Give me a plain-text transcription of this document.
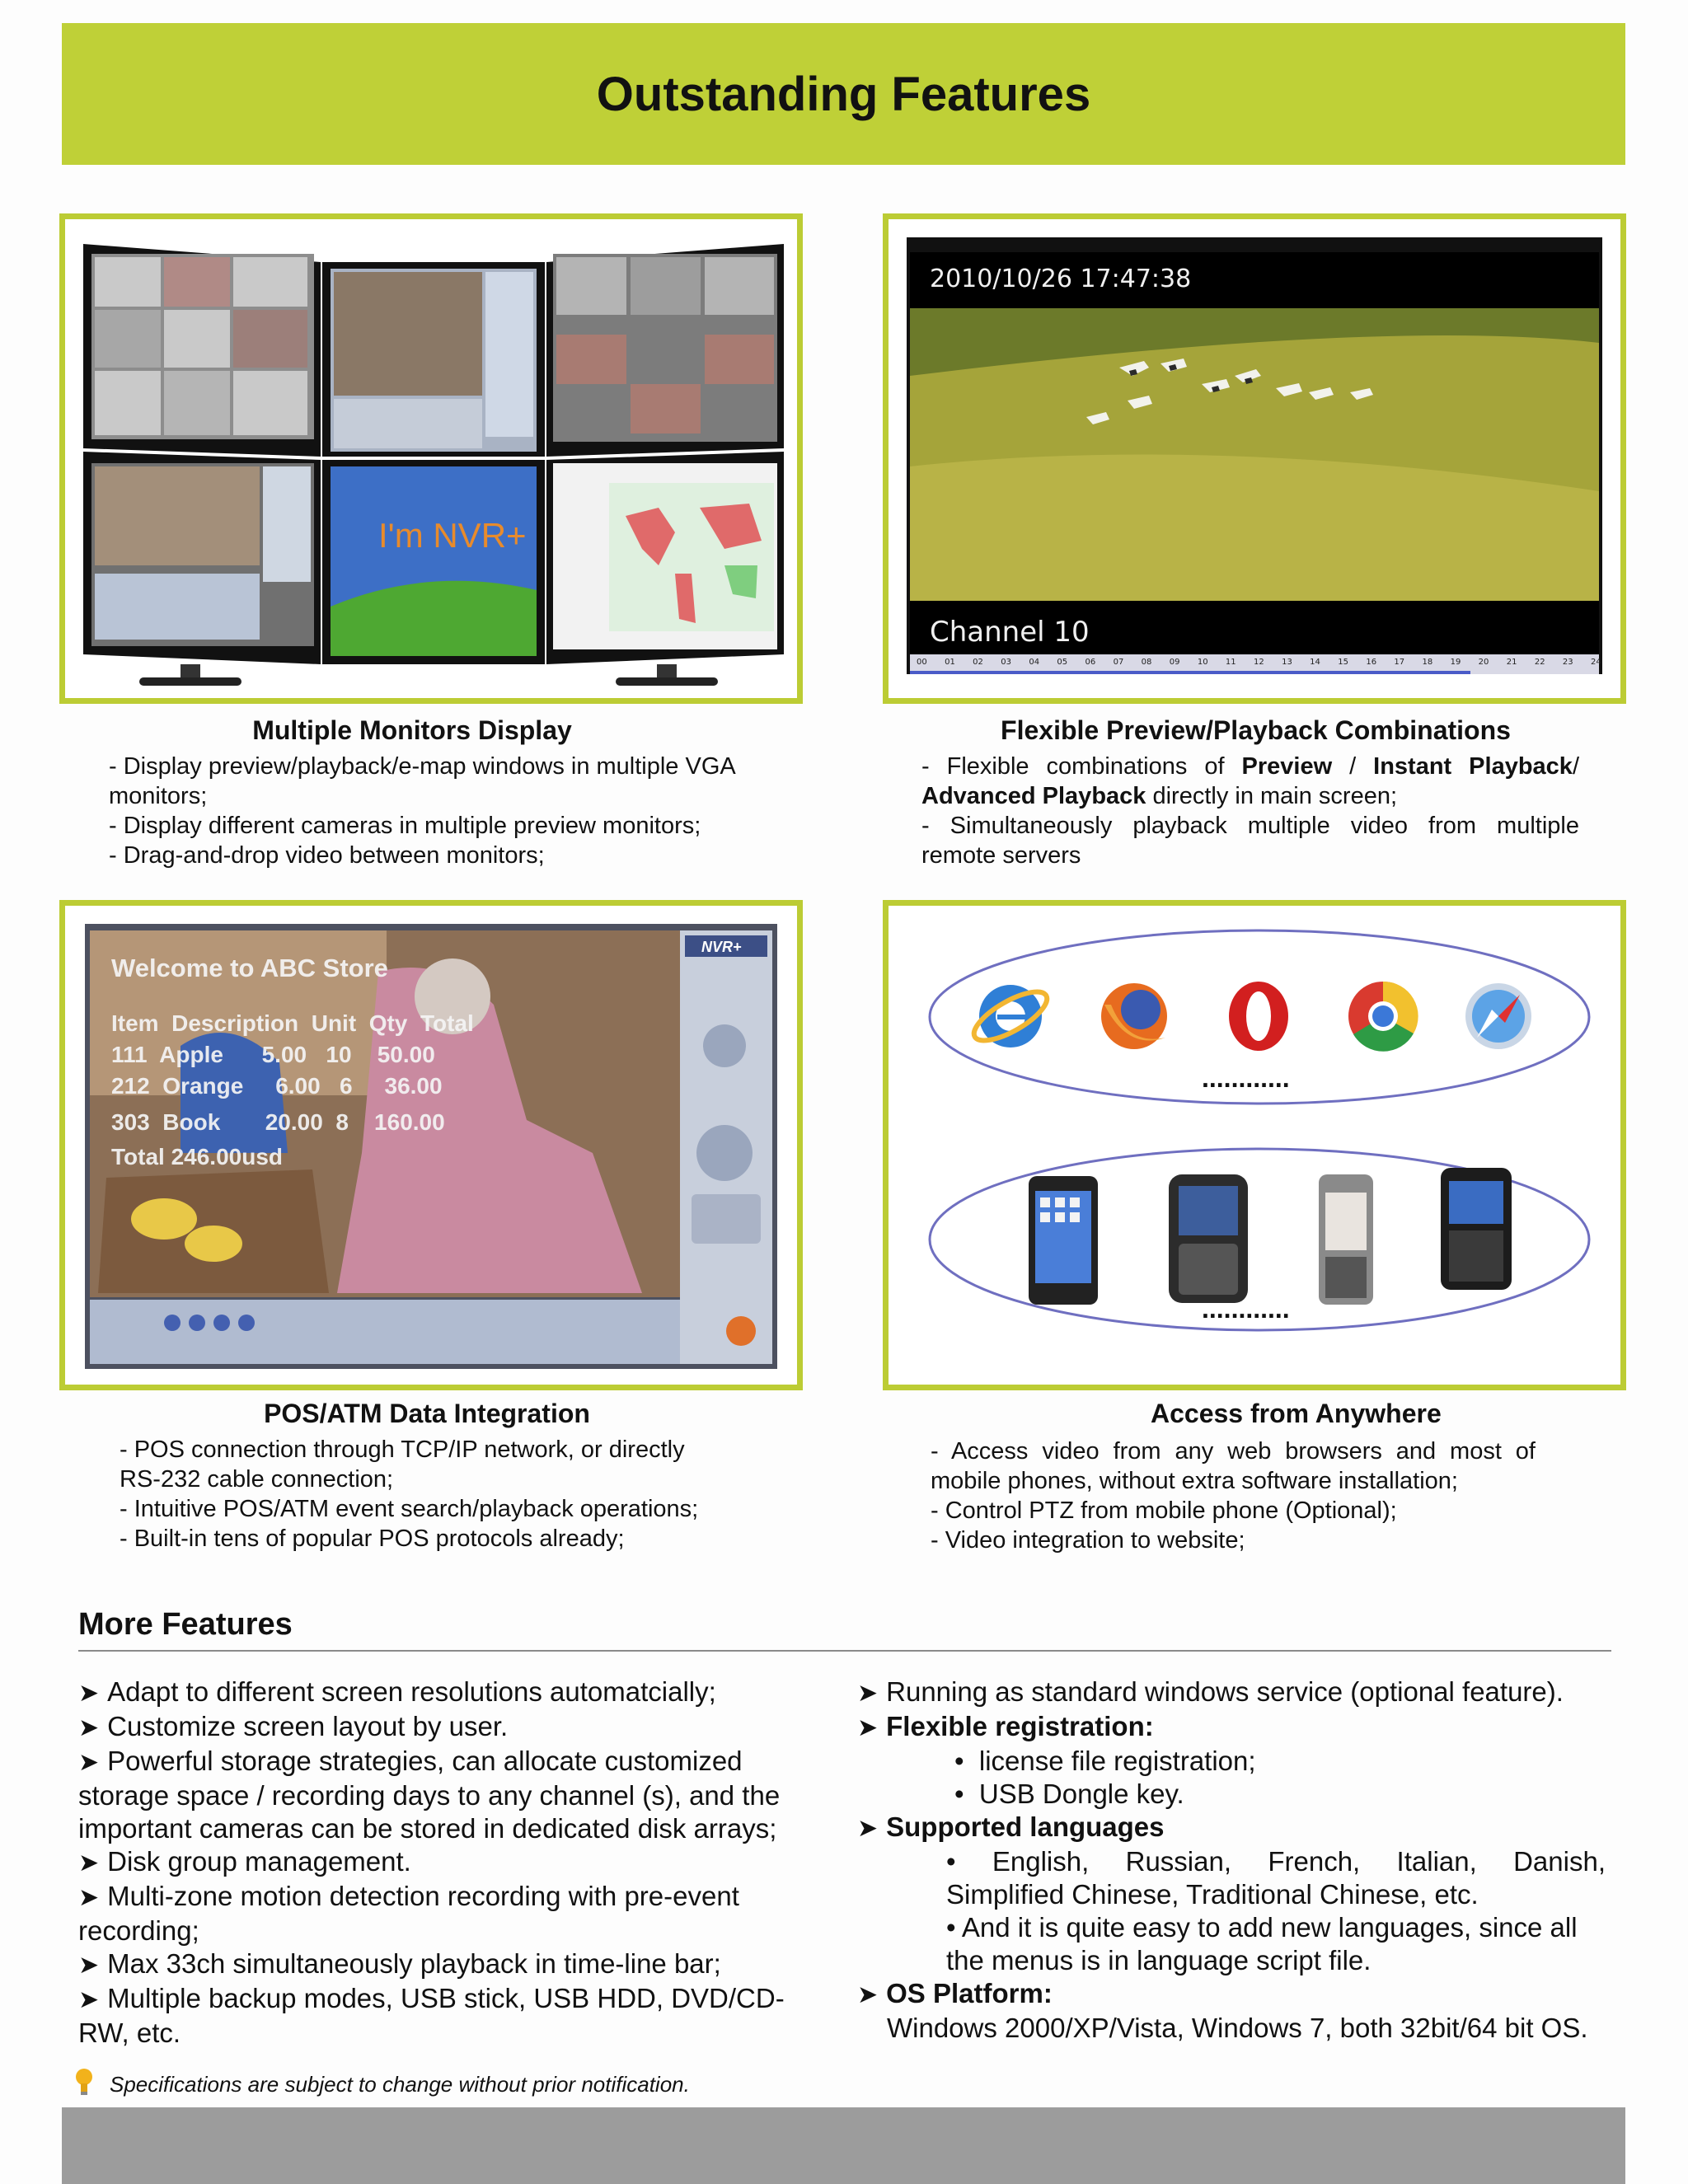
Outstanding Features
I'm NVR+
2010/10/26 17:47:38
Channel 10
00 01 02 03 04 05 06 07 08 09 10 11 12 13 14 15 16 17 18 19 20 21 22 23 24
Multiple Monitors Display

- Display preview/playback/e-map windows in multiple VGA

monitors;

- Display different cameras in multiple preview monitors;

- Drag-and-drop video between monitors;

Flexible Preview/Playback Combinations

- Flexible combinations of Preview / Instant Playback/

Advanced Playback directly in main screen;

- Simultaneously playback multiple video from multiple

remote servers

Welcome to ABC Store
Item  Description  Unit  Qty  Total
111  Apple      5.00   10    50.00
212  Orange     6.00   6     36.00
303  Book       20.00  8    160.00
Total 246.00usd
NVR+
............
............
POS/ATM Data Integration

- POS connection through TCP/IP network, or directly

RS-232 cable connection;

- Intuitive POS/ATM event search/playback operations;

- Built-in tens of popular POS protocols already;

Access from Anywhere

- Access video from any web browsers and most of

mobile phones, without extra software installation;

- Control PTZ from mobile phone (Optional);

- Video integration to website;

More Features

➤ Adapt to different screen resolutions automatcially;

➤ Customize screen layout by user.

➤ Powerful storage strategies, can allocate customized

storage space / recording days to any channel (s), and the

important cameras can be stored in dedicated disk arrays;

➤ Disk group management.

➤ Multi-zone motion detection recording with pre-event

recording;

➤ Max 33ch simultaneously playback in time-line bar;

➤ Multiple backup modes, USB stick, USB HDD, DVD/CD-

RW, etc.

➤ Running as standard windows service (optional feature).

➤ Flexible registration:

•  license file registration;

•  USB Dongle key.

➤ Supported languages

• English, Russian, French, Italian, Danish,

Simplified Chinese, Traditional Chinese, etc.

• And it is quite easy to add new languages, since all

the menus is in language script file.

➤ OS Platform:

Windows 2000/XP/Vista, Windows 7, both 32bit/64 bit OS.

Specifications are subject to change without prior notification.
